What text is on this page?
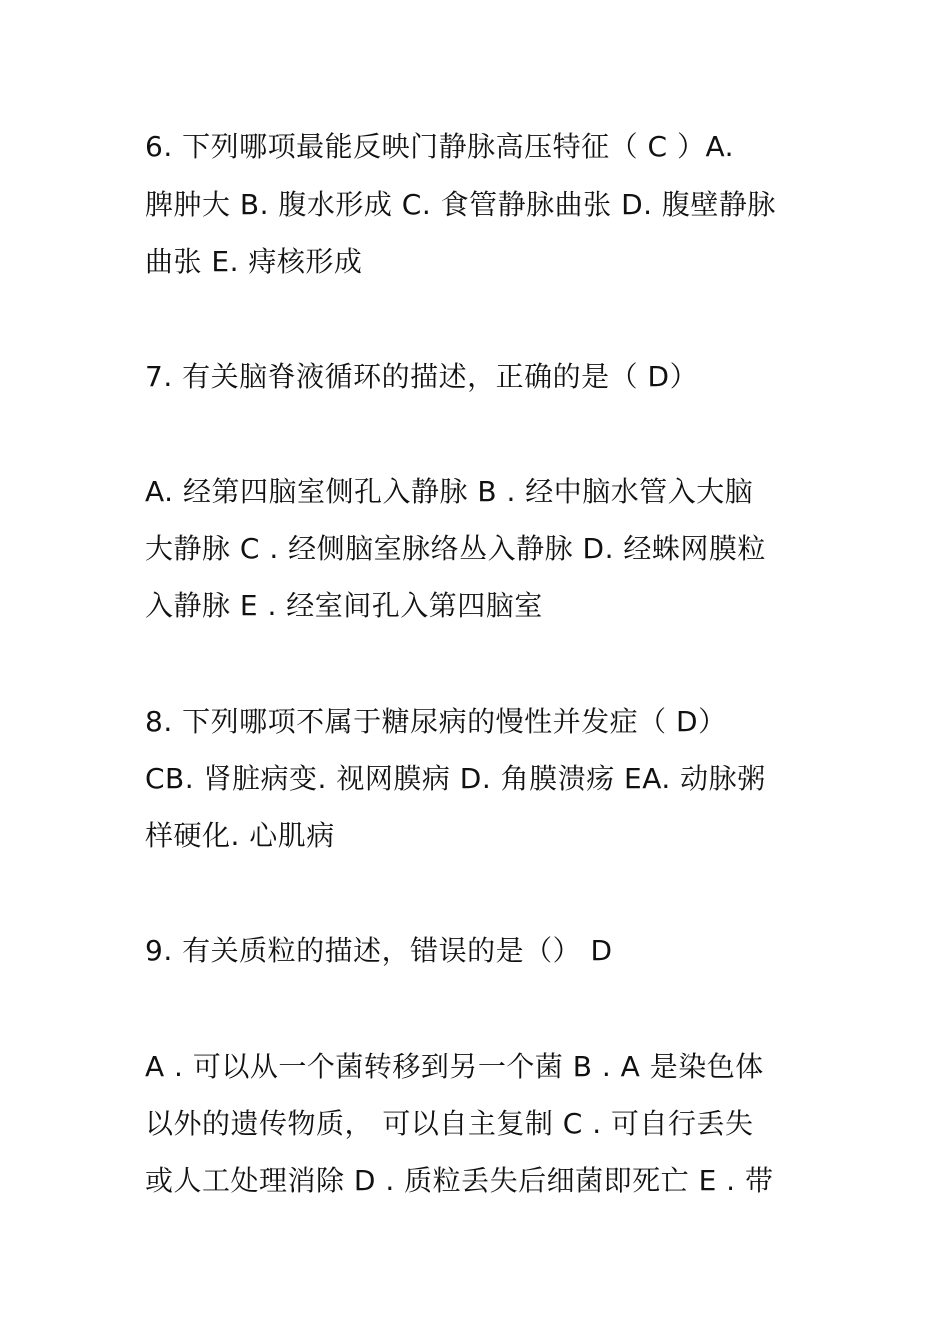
6. 下列哪项最能反映门静脉高压特征（ C ）A.
脾肿大 B. 腹水形成 C. 食管静脉曲张 D. 腹壁静脉
曲张 E. 痔核形成
7. 有关脑脊液循环的描述，正确的是（ D）
A. 经第四脑室侧孔入静脉 B . 经中脑水管入大脑
大静脉 C . 经侧脑室脉络丛入静脉 D. 经蛛网膜粒
入静脉 E . 经室间孔入第四脑室
8. 下列哪项不属于糖尿病的慢性并发症（ D）
CB. 肾脏病变. 视网膜病 D. 角膜溃疡 EA. 动脉粥
样硬化. 心肌病
9. 有关质粒的描述，错误的是（） D
A . 可以从一个菌转移到另一个菌 B . A 是染色体
以外的遗传物质， 可以自主复制 C . 可自行丢失
或人工处理消除 D . 质粒丢失后细菌即死亡 E . 带
